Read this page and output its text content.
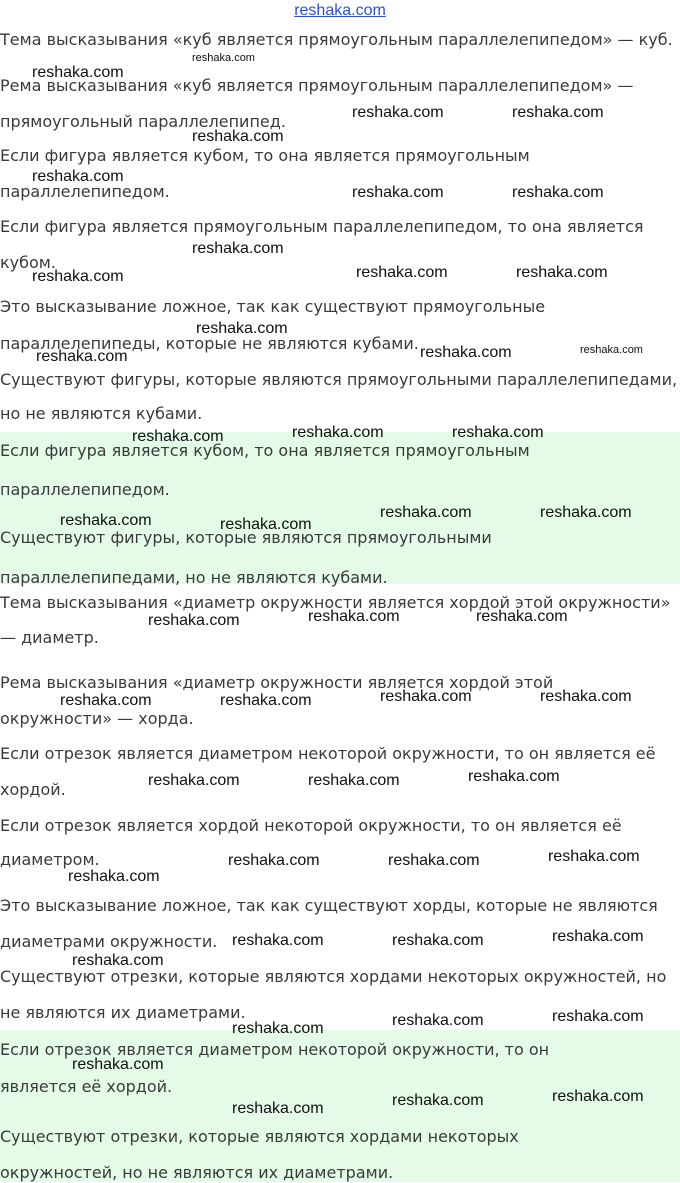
reshaka.com
Тема высказывания «куб является прямоугольным параллелепипедом» — куб.
Рема высказывания «куб является прямоугольным параллелепипедом» —
прямоугольный параллелепипед.
Если фигура является кубом, то она является прямоугольным
параллелепипедом.
Если фигура является прямоугольным параллелепипедом, то она является
кубом.
Это высказывание ложное, так как существуют прямоугольные
параллелепипеды, которые не являются кубами.
Существуют фигуры, которые являются прямоугольными параллелепипедами,
но не являются кубами.
Если фигура является кубом, то она является прямоугольным
параллелепипедом.
Существуют фигуры, которые являются прямоугольными
параллелепипедами, но не являются кубами.
Тема высказывания «диаметр окружности является хордой этой окружности»
— диаметр.
Рема высказывания «диаметр окружности является хордой этой
окружности» — хорда.
Если отрезок является диаметром некоторой окружности, то он является её
хордой.
Если отрезок является хордой некоторой окружности, то он является её
диаметром.
Это высказывание ложное, так как существуют хорды, которые не являются
диаметрами окружности.
Существуют отрезки, которые являются хордами некоторых окружностей, но
не являются их диаметрами.
Если отрезок является диаметром некоторой окружности, то он
является её хордой.
Существуют отрезки, которые являются хордами некоторых
окружностей, но не являются их диаметрами.
reshaka.com
reshaka.com
reshaka.com	reshaka.com
reshaka.com
reshaka.com
reshaka.com	reshaka.com
reshaka.com
reshaka.com	reshaka.com
reshaka.com
reshaka.com
reshaka.com
reshaka.com
reshaka.com
reshaka.com	reshaka.com
reshaka.com
reshaka.com	reshaka.com
reshaka.com	reshaka.com
reshaka.com	reshaka.com
reshaka.com
reshaka.com	reshaka.com
reshaka.com	reshaka.com
reshaka.com
reshaka.com	reshaka.com
reshaka.com
reshaka.com	reshaka.com
reshaka.com
reshaka.com
reshaka.com	reshaka.com
reshaka.com
reshaka.com
reshaka.com
reshaka.com
reshaka.com
reshaka.com
reshaka.com
reshaka.com
